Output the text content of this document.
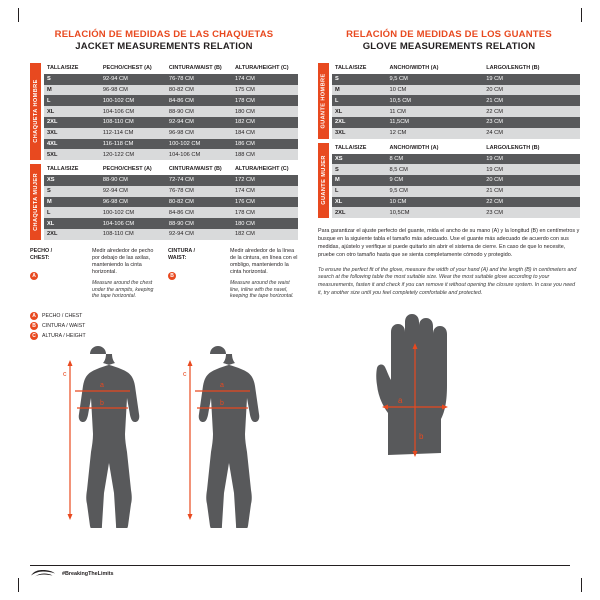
RELACIÓN DE MEDIDAS DE LAS CHAQUETAS
JACKET MEASUREMENTS RELATION
CHAQUETA HOMBRE
TALLA/SIZE	PECHO/CHEST (A)	CINTURA/WAIST (B)	ALTURA/HEIGHT (C)
S	92-94 CM	76-78 CM	174 CM
M	96-98 CM	80-82 CM	175 CM
L	100-102 CM	84-86 CM	178 CM
XL	104-106 CM	88-90 CM	180 CM
2XL	108-110 CM	92-94 CM	182 CM
3XL	112-114 CM	96-98 CM	184 CM
4XL	116-118 CM	100-102 CM	186 CM
5XL	120-122 CM	104-106 CM	188 CM
CHAQUETA MUJER
TALLA/SIZE	PECHO/CHEST (A)	CINTURA/WAIST (B)	ALTURA/HEIGHT (C)
XS	88-90 CM	72-74 CM	172 CM
S	92-94 CM	76-78 CM	174 CM
M	96-98 CM	80-82 CM	176 CM
L	100-102 CM	84-86 CM	178 CM
XL	104-106 CM	88-90 CM	180 CM
2XL	108-110 CM	92-94 CM	182 CM
PECHO /
CHEST:
A
Medir alrededor de pecho por debajo de las axilas, manteniendo la cinta horizontal.
Measure around the chest under the armpits, keeping the tape horizontal.
CINTURA /
WAIST:
B
Medir alrededor de la línea de la cintura, en línea con el ombligo, manteniendo la cinta horizontal.
Measure around the waist line, inline with the navel, keeping the tape horizontal.
A	PECHO / CHEST
B	CINTURA / WAIST
C	ALTURA / HEIGHT
a
b
c
a
b
c
RELACIÓN DE MEDIDAS DE LOS GUANTES
GLOVE MEASUREMENTS RELATION
GUANTE HOMBRE
TALLA/SIZE	ANCHO/WIDTH (A)	LARGO/LENGTH (B)
S	9,5 CM	19 CM
M	10 CM	20 CM
L	10,5 CM	21 CM
XL	11 CM	22 CM
2XL	11,5CM	23 CM
3XL	12 CM	24 CM
GUANTE MUJER
TALLA/SIZE	ANCHO/WIDTH (A)	LARGO/LENGTH (B)
XS	8 CM	19 CM
S	8,5 CM	19 CM
M	9 CM	20 CM
L	9,5 CM	21 CM
XL	10 CM	22 CM
2XL	10,5CM	23 CM
Para garantizar el ajuste perfecto del guante, mida el ancho de su mano (A) y la longitud (B) en centímetros y busque en la siguiente tabla el tamaño más adecuado. Use el guante más adecuado de acuerdo con sus medidas, ajústelo y verifique si puede quitarlo sin abrir el sistema de cierre. En caso de que lo necesite, pruebe con otro tamaño hasta que se sienta completamente cómodo y protegido.
To ensure the perfect fit of the glove, measure the width of your hand (A) and the length (B) in centimeters and search at the following table the most suitable size. Wear the most suitable glove according to your measurements, fasten it and check if you can remove it without opening the closure system. In case you need it, try another size until you feel completely comfortable and protected.
a
b
#BreakingTheLimits
